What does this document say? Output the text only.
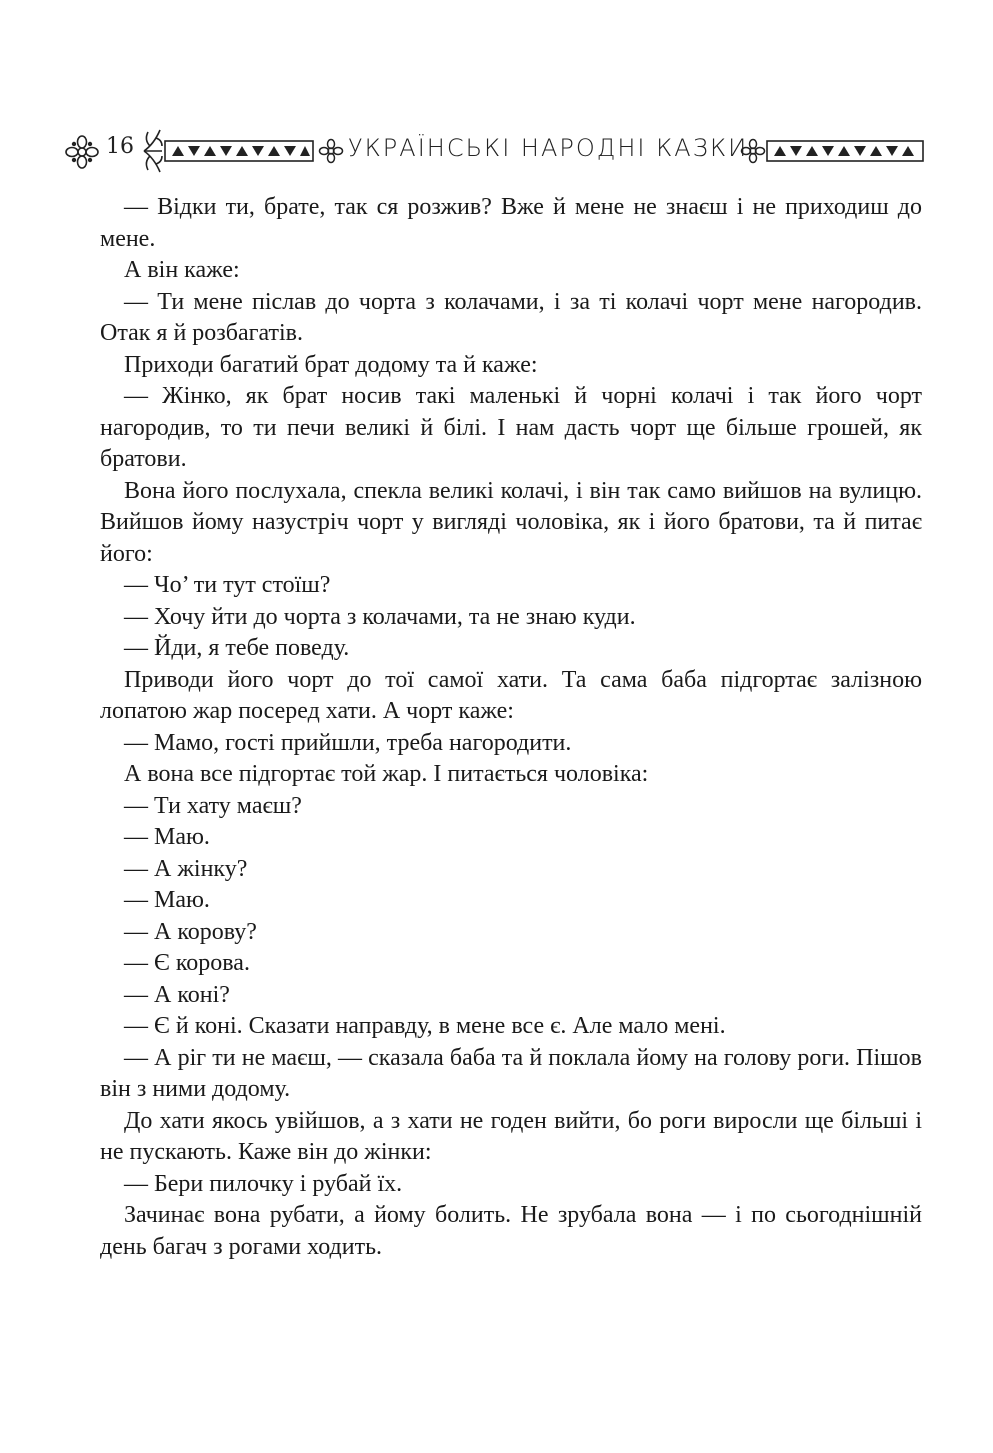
16	УКРАЇНСЬКІ НАРОДНІ КАЗКИ

— Відки ти, брате, так ся розжив? Вже й мене не знаєш і не приходиш до мене.

А він каже:

— Ти мене післав до чорта з колачами, і за ті колачі чорт мене нагородив. Отак я й розбагатів.

Приходи багатий брат додому та й каже:

— Жінко, як брат носив такі маленькі й чорні колачі і так його чорт нагородив, то ти печи великі й білі. І нам дасть чорт ще більше грошей, як братови.

Вона його послухала, спекла великі колачі, і він так само вийшов на вулицю. Вийшов йому назустріч чорт у вигляді чоловіка, як і його братови, та й питає його:

— Чо’ ти тут стоїш?

— Хочу йти до чорта з колачами, та не знаю куди.

— Йди, я тебе поведу.

Приводи його чорт до тої самої хати. Та сама баба підгортає залізною лопатою жар посеред хати. А чорт каже:

— Мамо, гості прийшли, треба нагородити.

А вона все підгортає той жар. І питається чоловіка:

— Ти хату маєш?

— Маю.

— А жінку?

— Маю.

— А корову?

— Є корова.

— А коні?

— Є й коні. Сказати направду, в мене все є. Але мало мені.

— А ріг ти не маєш, — сказала баба та й поклала йому на голову роги. Пішов він з ними додому.

До хати якось увійшов, а з хати не годен вийти, бо роги виросли ще більші і не пускають. Каже він до жінки:

— Бери пилочку і рубай їх.

Зачинає вона рубати, а йому болить. Не зрубала вона — і по сьогоднішній день багач з рогами ходить.
